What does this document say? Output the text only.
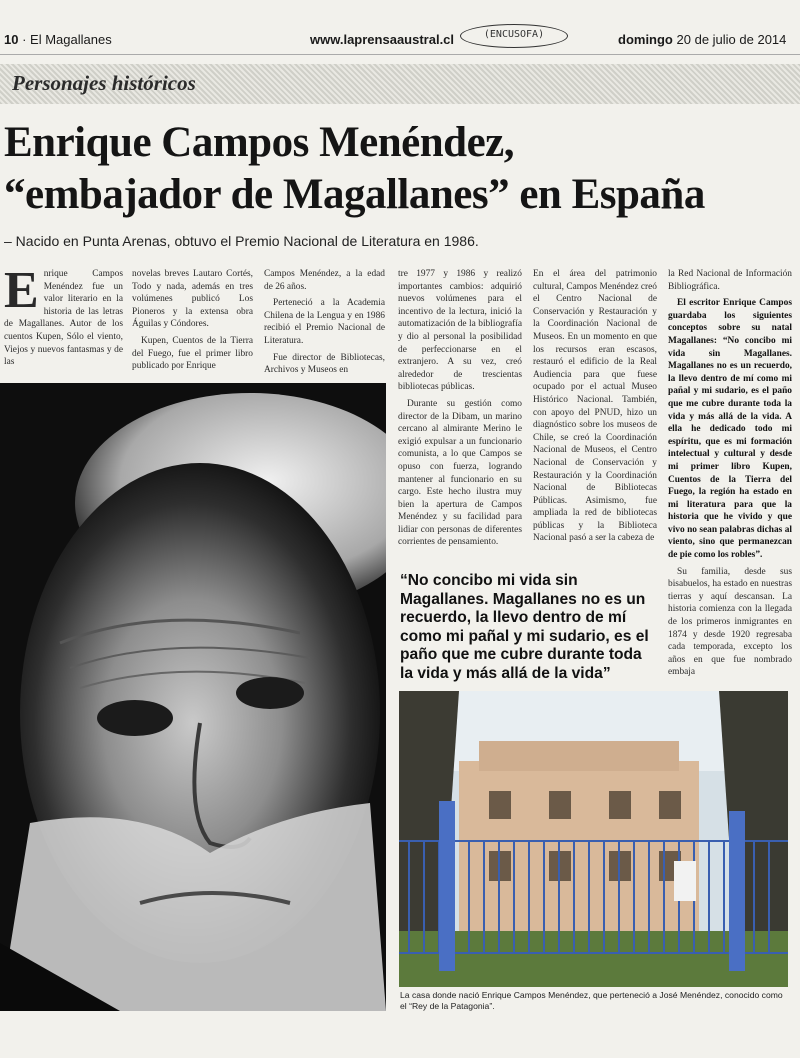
10 · El Magallanes	www.laprensaaustral.cl	(ENCUSOFA)	domingo 20 de julio de 2014
Personajes históricos
Enrique Campos Menéndez,
“embajador de Magallanes” en España
– Nacido en Punta Arenas, obtuvo el Premio Nacional de Literatura en 1986.
E nrique Campos Menéndez fue un valor literario en la historia de las letras de Magallanes. Autor de los cuentos Kupen, Sólo el viento, Viejos y nuevos fantasmas y de las

novelas breves Lautaro Cortés, Todo y nada, además en tres volúmenes publicó Los Pioneros y la extensa obra Águilas y Cóndores.

Kupen, Cuentos de la Tierra del Fuego, fue el primer libro publicado por Enrique

Campos Menéndez, a la edad de 26 años.

Perteneció a la Academia Chilena de la Lengua y en 1986 recibió el Premio Nacional de Literatura.

Fue director de Bibliotecas, Archivos y Museos en

tre 1977 y 1986 y realizó importantes cambios: adquirió nuevos volúmenes para el incentivo de la lectura, inició la automatización de la bibliografía y dio al personal la posibilidad de perfeccionarse en el extranjero. A su vez, creó alrededor de trescientas bibliotecas públicas.

Durante su gestión como director de la Dibam, un marino cercano al almirante Merino le exigió expulsar a un funcionario comunista, a lo que Campos se opuso con fuerza, logrando mantener al funcionario en su cargo. Este hecho ilustra muy bien la apertura de Campos Menéndez y su facilidad para lidiar con personas de diferentes corrientes de pensamiento.

En el área del patrimonio cultural, Campos Menéndez creó el Centro Nacional de Conservación y Restauración y la Coordinación Nacional de Museos. En un momento en que los recursos eran escasos, restauró el edificio de la Real Audiencia para que fuese ocupado por el actual Museo Histórico Nacional. También, con apoyo del PNUD, hizo un diagnóstico sobre los museos de Chile, se creó la Coordinación Nacional de Museos, el Centro Nacional de Conservación y Restauración y la Coordinación Nacional de Bibliotecas Públicas. Asimismo, fue ampliada la red de bibliotecas públicas y la Biblioteca Nacional pasó a ser la cabeza de

la Red Nacional de Información Bibliográfica.

El escritor Enrique Campos guardaba los siguientes conceptos sobre su natal Magallanes: “No concibo mi vida sin Magallanes. Magallanes no es un recuerdo, la llevo dentro de mí como mi pañal y mi sudario, es el paño que me cubre durante toda la vida y más allá de la vida. A ella he dedicado todo mi espíritu, que es mi formación intelectual y cultural y desde mi primer libro Kupen, Cuentos de la Tierra del Fuego, la región ha estado en mi literatura para que la historia que he vivido y que vivo no sean palabras dichas al viento, sino que permanezcan de pie como los robles”.

Su familia, desde sus bisabuelos, ha estado en nuestras tierras y aquí descansan. La historia comienza con la llegada de los primeros inmigrantes en 1874 y desde 1920 regresaba cada temporada, excepto los años en que fue nombrado embaja

“No concibo mi vida sin Magallanes. Magallanes no es un recuerdo, la llevo dentro de mí como mi pañal y mi sudario, es el paño que me cubre durante toda la vida y más allá de la vida”
La casa donde nació Enrique Campos Menéndez, que perteneció a José Menéndez, conocido como el “Rey de la Patagonia”.
